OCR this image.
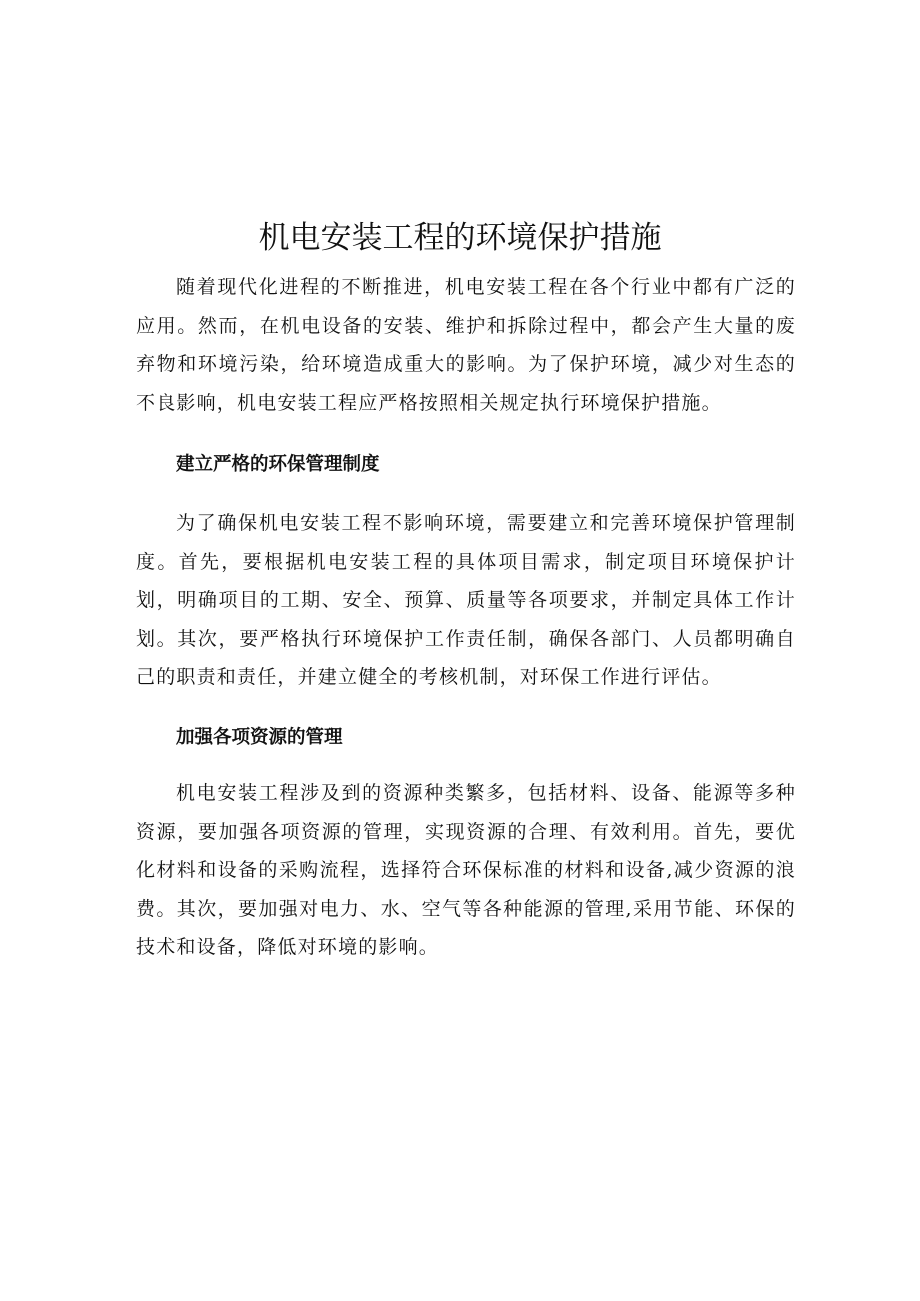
机电安装工程的环境保护措施

随着现代化进程的不断推进，机电安装工程在各个行业中都有广泛的应用。然而，在机电设备的安装、维护和拆除过程中，都会产生大量的废弃物和环境污染，给环境造成重大的影响。为了保护环境，减少对生态的不良影响，机电安装工程应严格按照相关规定执行环境保护措施。

建立严格的环保管理制度

为了确保机电安装工程不影响环境，需要建立和完善环境保护管理制度。首先，要根据机电安装工程的具体项目需求，制定项目环境保护计划，明确项目的工期、安全、预算、质量等各项要求，并制定具体工作计划。其次，要严格执行环境保护工作责任制，确保各部门、人员都明确自己的职责和责任，并建立健全的考核机制，对环保工作进行评估。

加强各项资源的管理

机电安装工程涉及到的资源种类繁多，包括材料、设备、能源等多种资源，要加强各项资源的管理，实现资源的合理、有效利用。首先，要优化材料和设备的采购流程，选择符合环保标准的材料和设备,减少资源的浪费。其次，要加强对电力、水、空气等各种能源的管理,采用节能、环保的技术和设备，降低对环境的影响。
